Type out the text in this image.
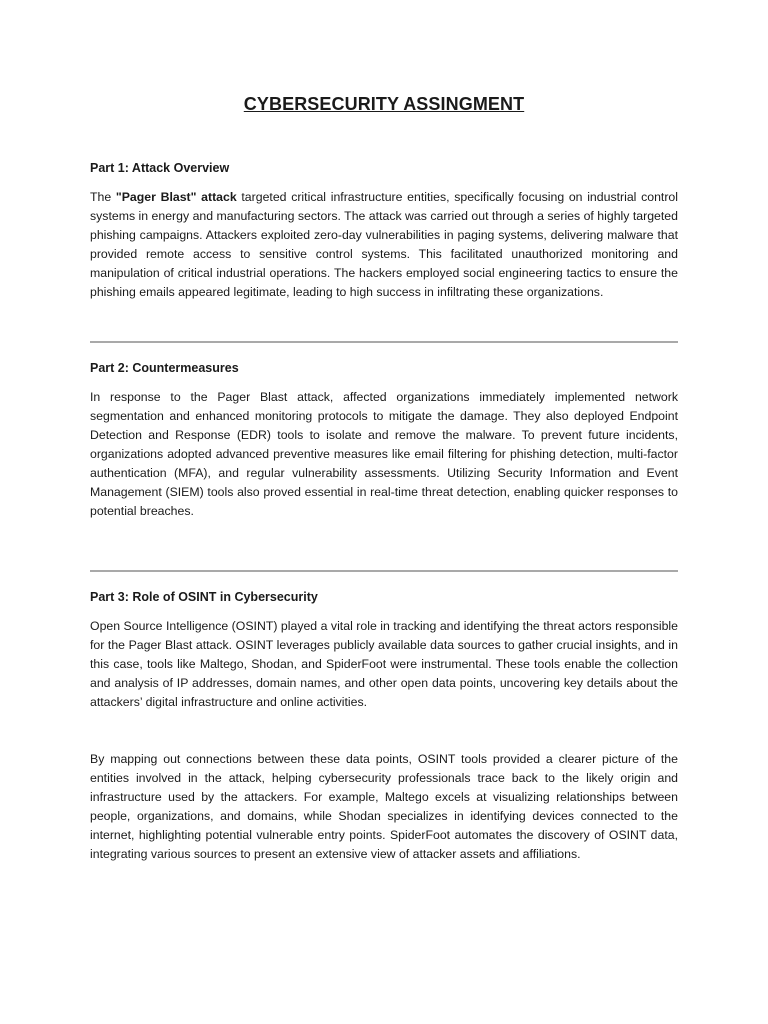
CYBERSECURITY ASSINGMENT
Part 1: Attack Overview

The "Pager Blast" attack targeted critical infrastructure entities, specifically focusing on industrial control systems in energy and manufacturing sectors. The attack was carried out through a series of highly targeted phishing campaigns. Attackers exploited zero-day vulnerabilities in paging systems, delivering malware that provided remote access to sensitive control systems. This facilitated unauthorized monitoring and manipulation of critical industrial operations. The hackers employed social engineering tactics to ensure the phishing emails appeared legitimate, leading to high success in infiltrating these organizations.

Part 2: Countermeasures

In response to the Pager Blast attack, affected organizations immediately implemented network segmentation and enhanced monitoring protocols to mitigate the damage. They also deployed Endpoint Detection and Response (EDR) tools to isolate and remove the malware. To prevent future incidents, organizations adopted advanced preventive measures like email filtering for phishing detection, multi-factor authentication (MFA), and regular vulnerability assessments. Utilizing Security Information and Event Management (SIEM) tools also proved essential in real-time threat detection, enabling quicker responses to potential breaches.

Part 3: Role of OSINT in Cybersecurity

Open Source Intelligence (OSINT) played a vital role in tracking and identifying the threat actors responsible for the Pager Blast attack. OSINT leverages publicly available data sources to gather crucial insights, and in this case, tools like Maltego, Shodan, and SpiderFoot were instrumental. These tools enable the collection and analysis of IP addresses, domain names, and other open data points, uncovering key details about the attackers’ digital infrastructure and online activities.

By mapping out connections between these data points, OSINT tools provided a clearer picture of the entities involved in the attack, helping cybersecurity professionals trace back to the likely origin and infrastructure used by the attackers. For example, Maltego excels at visualizing relationships between people, organizations, and domains, while Shodan specializes in identifying devices connected to the internet, highlighting potential vulnerable entry points. SpiderFoot automates the discovery of OSINT data, integrating various sources to present an extensive view of attacker assets and affiliations.
